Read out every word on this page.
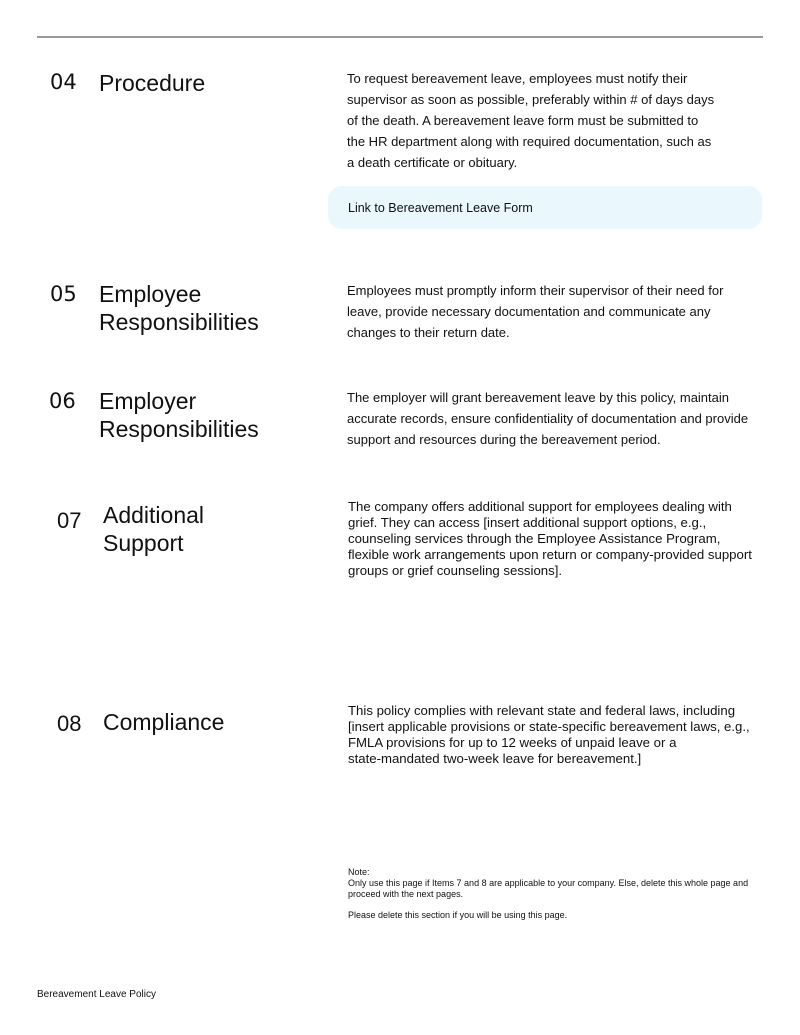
04 Procedure	To request bereavement leave, employees must notify their
supervisor as soon as possible, preferably within # of days days
of the death. A bereavement leave form must be submitted to
the HR department along with required documentation, such as
a death certificate or obituary.
Link to Bereavement Leave Form
05 Employee
Responsibilities
Employees must promptly inform their supervisor of their need for
leave, provide necessary documentation and communicate any
changes to their return date.
06 Employer
Responsibilities
The employer will grant bereavement leave by this policy, maintain
accurate records, ensure confidentiality of documentation and provide
support and resources during the bereavement period.
07 Additional
Support
The company offers additional support for employees dealing with
grief. They can access [insert additional support options, e.g.,
counseling services through the Employee Assistance Program,
flexible work arrangements upon return or company-provided support
groups or grief counseling sessions].
08 Compliance	This policy complies with relevant state and federal laws, including
[insert applicable provisions or state-specific bereavement laws, e.g.,
FMLA provisions for up to 12 weeks of unpaid leave or a
state-mandated two-week leave for bereavement.]

Note:

Only use this page if Items 7 and 8 are applicable to your company. Else, delete this whole page and

proceed with the next pages.

Please delete this section if you will be using this page.

Bereavement Leave Policy
